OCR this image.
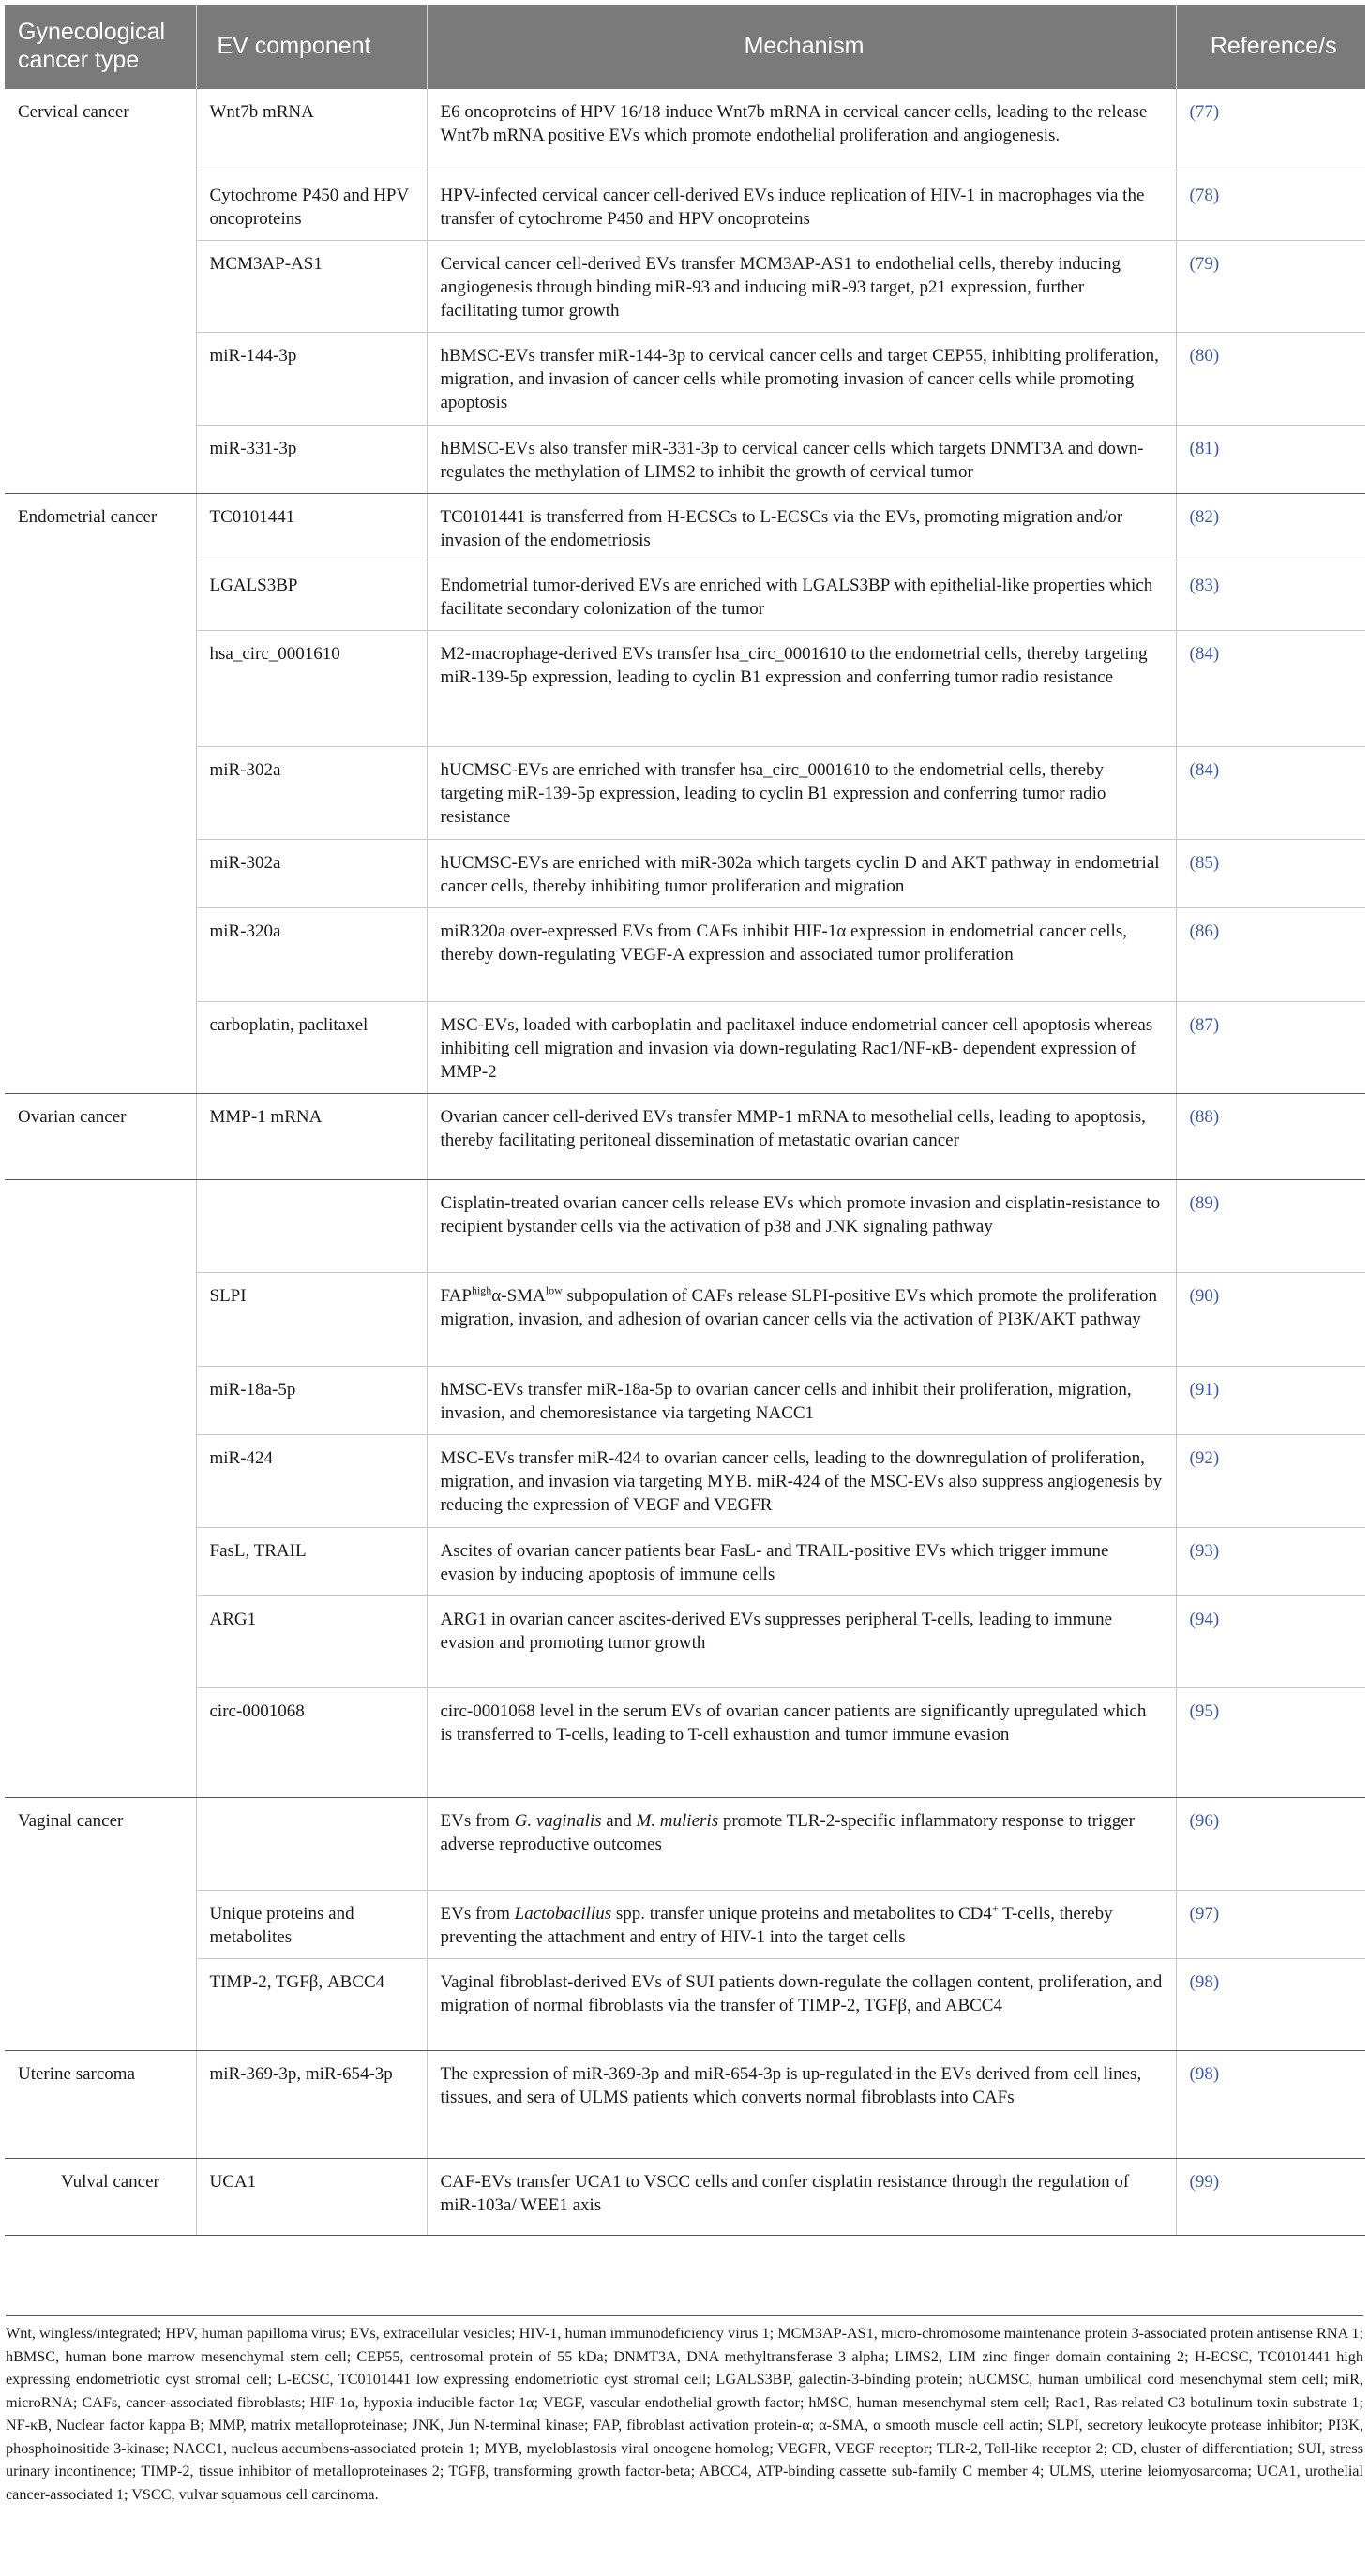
Gynecological cancer type	EV component	Mechanism	Reference/s
Cervical cancer	Wnt7b mRNA	E6 oncoproteins of HPV 16/18 induce Wnt7b mRNA in cervical cancer cells, leading to the release Wnt7b mRNA positive EVs which promote endothelial proliferation and angiogenesis.	(77)
	Cytochrome P450 and HPV oncoproteins	HPV-infected cervical cancer cell-derived EVs induce replication of HIV-1 in macrophages via the transfer of cytochrome P450 and HPV oncoproteins	(78)
	MCM3AP-AS1	Cervical cancer cell-derived EVs transfer MCM3AP-AS1 to endothelial cells, thereby inducing angiogenesis through binding miR-93 and inducing miR-93 target, p21 expression, further facilitating tumor growth	(79)
	miR-144-3p	hBMSC-EVs transfer miR-144-3p to cervical cancer cells and target CEP55, inhibiting proliferation, migration, and invasion of cancer cells while promoting invasion of cancer cells while promoting apoptosis	(80)
	miR-331-3p	hBMSC-EVs also transfer miR-331-3p to cervical cancer cells which targets DNMT3A and down-regulates the methylation of LIMS2 to inhibit the growth of cervical tumor	(81)
Endometrial cancer	TC0101441	TC0101441 is transferred from H-ECSCs to L-ECSCs via the EVs, promoting migration and/or invasion of the endometriosis	(82)
	LGALS3BP	Endometrial tumor-derived EVs are enriched with LGALS3BP with epithelial-like properties which facilitate secondary colonization of the tumor	(83)
	hsa_circ_0001610	M2-macrophage-derived EVs transfer hsa_circ_0001610 to the endometrial cells, thereby targeting miR-139-5p expression, leading to cyclin B1 expression and conferring tumor radio resistance	(84)
	miR-302a	hUCMSC-EVs are enriched with transfer hsa_circ_0001610 to the endometrial cells, thereby targeting miR-139-5p expression, leading to cyclin B1 expression and conferring tumor radio resistance	(84)
	miR-302a	hUCMSC-EVs are enriched with miR-302a which targets cyclin D and AKT pathway in endometrial cancer cells, thereby inhibiting tumor proliferation and migration	(85)
	miR-320a	miR320a over-expressed EVs from CAFs inhibit HIF-1α expression in endometrial cancer cells, thereby down-regulating VEGF-A expression and associated tumor proliferation	(86)
	carboplatin, paclitaxel	MSC-EVs, loaded with carboplatin and paclitaxel induce endometrial cancer cell apoptosis whereas inhibiting cell migration and invasion via down-regulating Rac1/NF-κB- dependent expression of MMP-2	(87)
Ovarian cancer	MMP-1 mRNA	Ovarian cancer cell-derived EVs transfer MMP-1 mRNA to mesothelial cells, leading to apoptosis, thereby facilitating peritoneal dissemination of metastatic ovarian cancer	(88)
		Cisplatin-treated ovarian cancer cells release EVs which promote invasion and cisplatin-resistance to recipient bystander cells via the activation of p38 and JNK signaling pathway	(89)
	SLPI	$FAP^{high}\alpha-SMA^{low}$ subpopulation of CAFs release SLPI-positive EVs which promote the proliferation migration, invasion, and adhesion of ovarian cancer cells via the activation of PI3K/AKT pathway	(90)
	miR-18a-5p	hMSC-EVs transfer miR-18a-5p to ovarian cancer cells and inhibit their proliferation, migration, invasion, and chemoresistance via targeting NACC1	(91)
	miR-424	MSC-EVs transfer miR-424 to ovarian cancer cells, leading to the downregulation of proliferation, migration, and invasion via targeting MYB. miR-424 of the MSC-EVs also suppress angiogenesis by reducing the expression of VEGF and VEGFR	(92)
	FasL, TRAIL	Ascites of ovarian cancer patients bear FasL- and TRAIL-positive EVs which trigger immune evasion by inducing apoptosis of immune cells	(93)
	ARG1	ARG1 in ovarian cancer ascites-derived EVs suppresses peripheral T-cells, leading to immune evasion and promoting tumor growth	(94)
	circ-0001068	circ-0001068 level in the serum EVs of ovarian cancer patients are significantly upregulated which is transferred to T-cells, leading to T-cell exhaustion and tumor immune evasion	(95)
Vaginal cancer		EVs from G. vaginalis and M. mulieris promote TLR-2-specific inflammatory response to trigger adverse reproductive outcomes	(96)
	Unique proteins and metabolites	EVs from Lactobacillus spp. transfer unique proteins and metabolites to CD4+ T-cells, thereby preventing the attachment and entry of HIV-1 into the target cells	(97)
	TIMP-2, TGFβ, ABCC4	Vaginal fibroblast-derived EVs of SUI patients down-regulate the collagen content, proliferation, and migration of normal fibroblasts via the transfer of TIMP-2, TGFβ, and ABCC4	(98)
Uterine sarcoma	miR-369-3p, miR-654-3p	The expression of miR-369-3p and miR-654-3p is up-regulated in the EVs derived from cell lines, tissues, and sera of ULMS patients which converts normal fibroblasts into CAFs	(98)
Vulval cancer	UCA1	CAF-EVs transfer UCA1 to VSCC cells and confer cisplatin resistance through the regulation of miR-103a/ WEE1 axis	(99)
Wnt, wingless/integrated; HPV, human papilloma virus; EVs, extracellular vesicles; HIV-1, human immunodeficiency virus 1; MCM3AP-AS1, micro-chromosome maintenance protein 3-associated protein antisense RNA 1; hBMSC, human bone marrow mesenchymal stem cell; CEP55, centrosomal protein of 55 kDa; DNMT3A, DNA methyltransferase 3 alpha; LIMS2, LIM zinc finger domain containing 2; H-ECSC, TC0101441 high expressing endometriotic cyst stromal cell; L-ECSC, TC0101441 low expressing endometriotic cyst stromal cell; LGALS3BP, galectin-3-binding protein; hUCMSC, human umbilical cord mesenchymal stem cell; miR, microRNA; CAFs, cancer-associated fibroblasts; HIF-1α, hypoxia-inducible factor 1α; VEGF, vascular endothelial growth factor; hMSC, human mesenchymal stem cell; Rac1, Ras-related C3 botulinum toxin substrate 1; NF-κB, Nuclear factor kappa B; MMP, matrix metalloproteinase; JNK, Jun N-terminal kinase; FAP, fibroblast activation protein-α; α-SMA, α smooth muscle cell actin; SLPI, secretory leukocyte protease inhibitor; PI3K, phosphoinositide 3-kinase; NACC1, nucleus accumbens-associated protein 1; MYB, myeloblastosis viral oncogene homolog; VEGFR, VEGF receptor; TLR-2, Toll-like receptor 2; CD, cluster of differentiation; SUI, stress urinary incontinence; TIMP-2, tissue inhibitor of metalloproteinases 2; TGFβ, transforming growth factor-beta; ABCC4, ATP-binding cassette sub-family C member 4; ULMS, uterine leiomyosarcoma; UCA1, urothelial cancer-associated 1; VSCC, vulvar squamous cell carcinoma.
